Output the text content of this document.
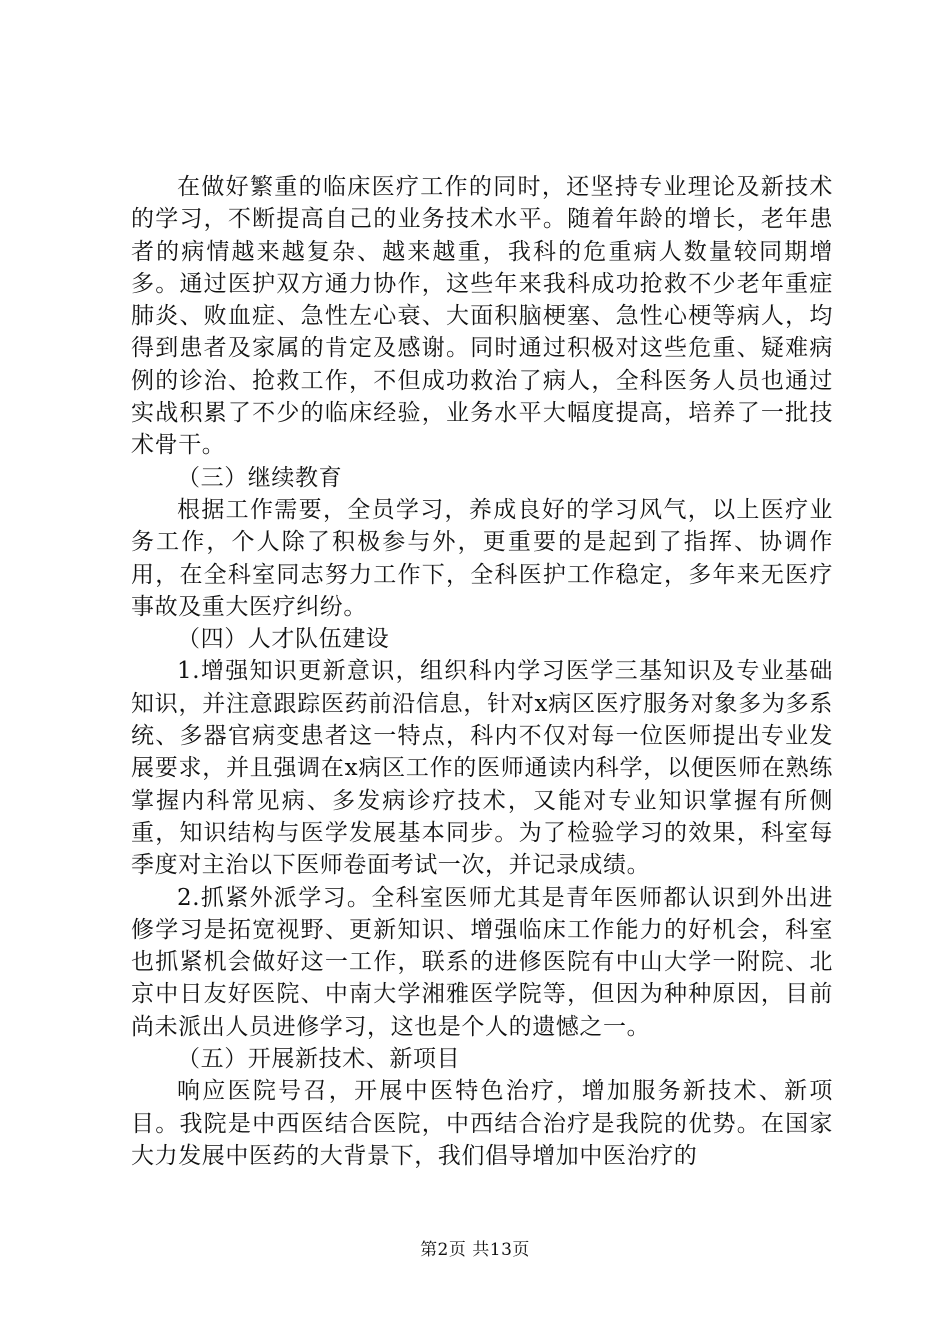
在做好繁重的临床医疗工作的同时，还坚持专业理论及新技术的学习，不断提高自己的业务技术水平。随着年龄的增长，老年患者的病情越来越复杂、越来越重，我科的危重病人数量较同期增多。通过医护双方通力协作，这些年来我科成功抢救不少老年重症肺炎、败血症、急性左心衰、大面积脑梗塞、急性心梗等病人，均得到患者及家属的肯定及感谢。同时通过积极对这些危重、疑难病例的诊治、抢救工作，不但成功救治了病人，全科医务人员也通过实战积累了不少的临床经验，业务水平大幅度提高，培养了一批技术骨干。

（三）继续教育

根据工作需要，全员学习，养成良好的学习风气，以上医疗业务工作，个人除了积极参与外，更重要的是起到了指挥、协调作用，在全科室同志努力工作下，全科医护工作稳定，多年来无医疗事故及重大医疗纠纷。

（四）人才队伍建设

1.增强知识更新意识，组织科内学习医学三基知识及专业基础知识，并注意跟踪医药前沿信息，针对x病区医疗服务对象多为多系统、多器官病变患者这一特点，科内不仅对每一位医师提出专业发展要求，并且强调在x病区工作的医师通读内科学，以便医师在熟练掌握内科常见病、多发病诊疗技术，又能对专业知识掌握有所侧重，知识结构与医学发展基本同步。为了检验学习的效果，科室每季度对主治以下医师卷面考试一次，并记录成绩。

2.抓紧外派学习。全科室医师尤其是青年医师都认识到外出进修学习是拓宽视野、更新知识、增强临床工作能力的好机会，科室也抓紧机会做好这一工作，联系的进修医院有中山大学一附院、北京中日友好医院、中南大学湘雅医学院等，但因为种种原因，目前尚未派出人员进修学习，这也是个人的遗憾之一。

（五）开展新技术、新项目

响应医院号召，开展中医特色治疗，增加服务新技术、新项目。我院是中西医结合医院，中西结合治疗是我院的优势。在国家大力发展中医药的大背景下，我们倡导增加中医治疗的

第2页 共13页
